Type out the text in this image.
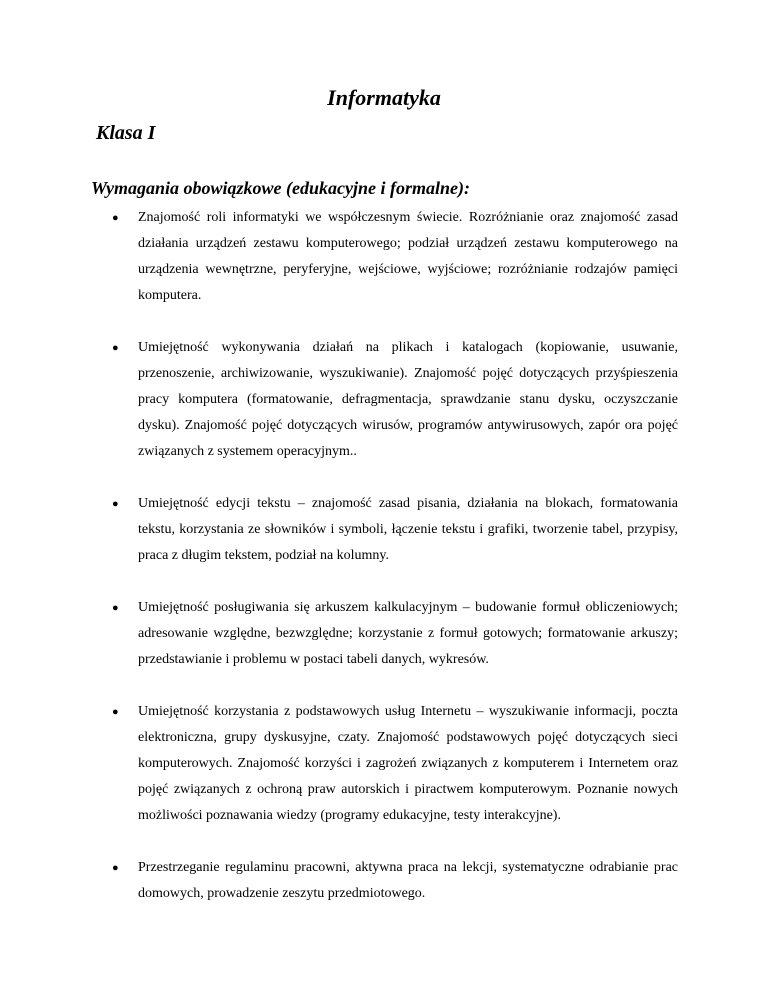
Informatyka
Klasa I
Wymagania obowiązkowe (edukacyjne i formalne):
● Znajomość roli informatyki we współczesnym świecie. Rozróżnianie oraz znajomość zasad działania urządzeń zestawu komputerowego; podział urządzeń zestawu komputerowego na urządzenia wewnętrzne, peryferyjne, wejściowe, wyjściowe; rozróżnianie rodzajów pamięci komputera.
● Umiejętność wykonywania działań na plikach i katalogach (kopiowanie, usuwanie, przenoszenie, archiwizowanie, wyszukiwanie). Znajomość pojęć dotyczących przyśpieszenia pracy komputera (formatowanie, defragmentacja, sprawdzanie stanu dysku, oczyszczanie dysku). Znajomość pojęć dotyczących wirusów, programów antywirusowych, zapór ora pojęć związanych z systemem operacyjnym..
● Umiejętność edycji tekstu – znajomość zasad pisania, działania na blokach, formatowania tekstu, korzystania ze słowników i symboli, łączenie tekstu i grafiki, tworzenie tabel, przypisy, praca z długim tekstem, podział na kolumny.
● Umiejętność posługiwania się arkuszem kalkulacyjnym – budowanie formuł obliczeniowych; adresowanie względne, bezwzględne; korzystanie z formuł gotowych; formatowanie arkuszy; przedstawianie i problemu w postaci tabeli danych, wykresów.
● Umiejętność korzystania z podstawowych usług Internetu – wyszukiwanie informacji, poczta elektroniczna, grupy dyskusyjne, czaty. Znajomość podstawowych pojęć dotyczących sieci komputerowych. Znajomość korzyści i zagrożeń związanych z komputerem i Internetem oraz pojęć związanych z ochroną praw autorskich i piractwem komputerowym. Poznanie nowych możliwości poznawania wiedzy (programy edukacyjne, testy interakcyjne).
● Przestrzeganie regulaminu pracowni, aktywna praca na lekcji, systematyczne odrabianie prac domowych, prowadzenie zeszytu przedmiotowego.
